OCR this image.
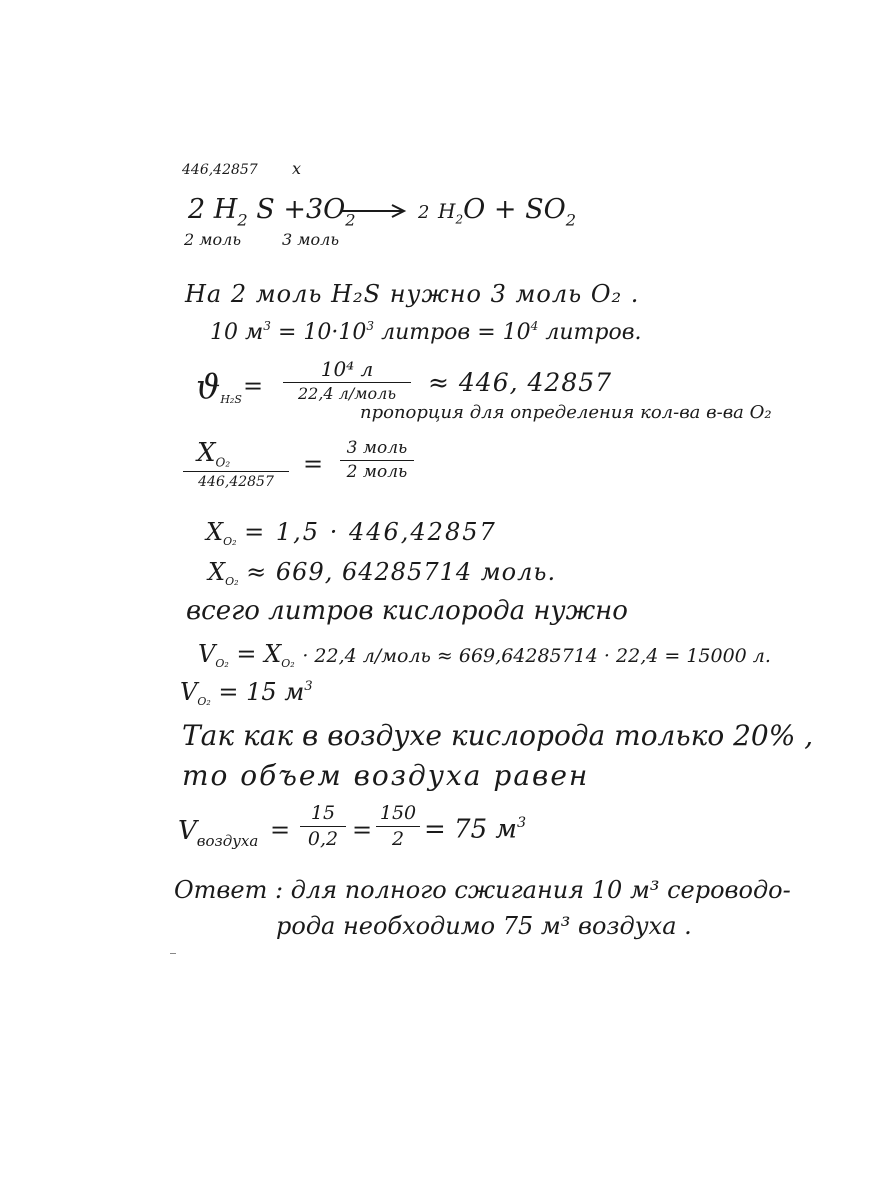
446,42857 x
2 $H_2$ $S +3O_2$	2 $H_2O + SO_2$
2 моль	3 моль
На 2 моль H₂S нужно 3 моль O₂ .
10 $м^3 = 10\cdot 10^3$ литров = $10^4$ литров.
$ϑ_{H_2S}$ =
10⁴ л
22,4 л/моль	≈ 446, 42857
пропорция для определения кол-ва в-ва O₂
$X_{O_2}$
446,42857
=
3 моль
2 моль
$X_{O_2} = 1,5 \cdot 446,42857$
$X_{O_2} \approx 669$, 64285714 моль.
всего литров кислорода нужно
$V_{O_2} = X_{O_2} \cdot 22,4$ л/моль ≈ 669,64285714 · 22,4 = 15000 л.
$V_{O_2} = 15$ $м^3$
Так как в воздухе кислорода только 20% ,
то объем воздуха равен
$V_{воздуха}$ =
15
0,2 =
150
2 = 75 $м^3$
Ответ : для полного сжигания 10 м³ сероводо-
рода необходимо 75 м³ воздуха .
